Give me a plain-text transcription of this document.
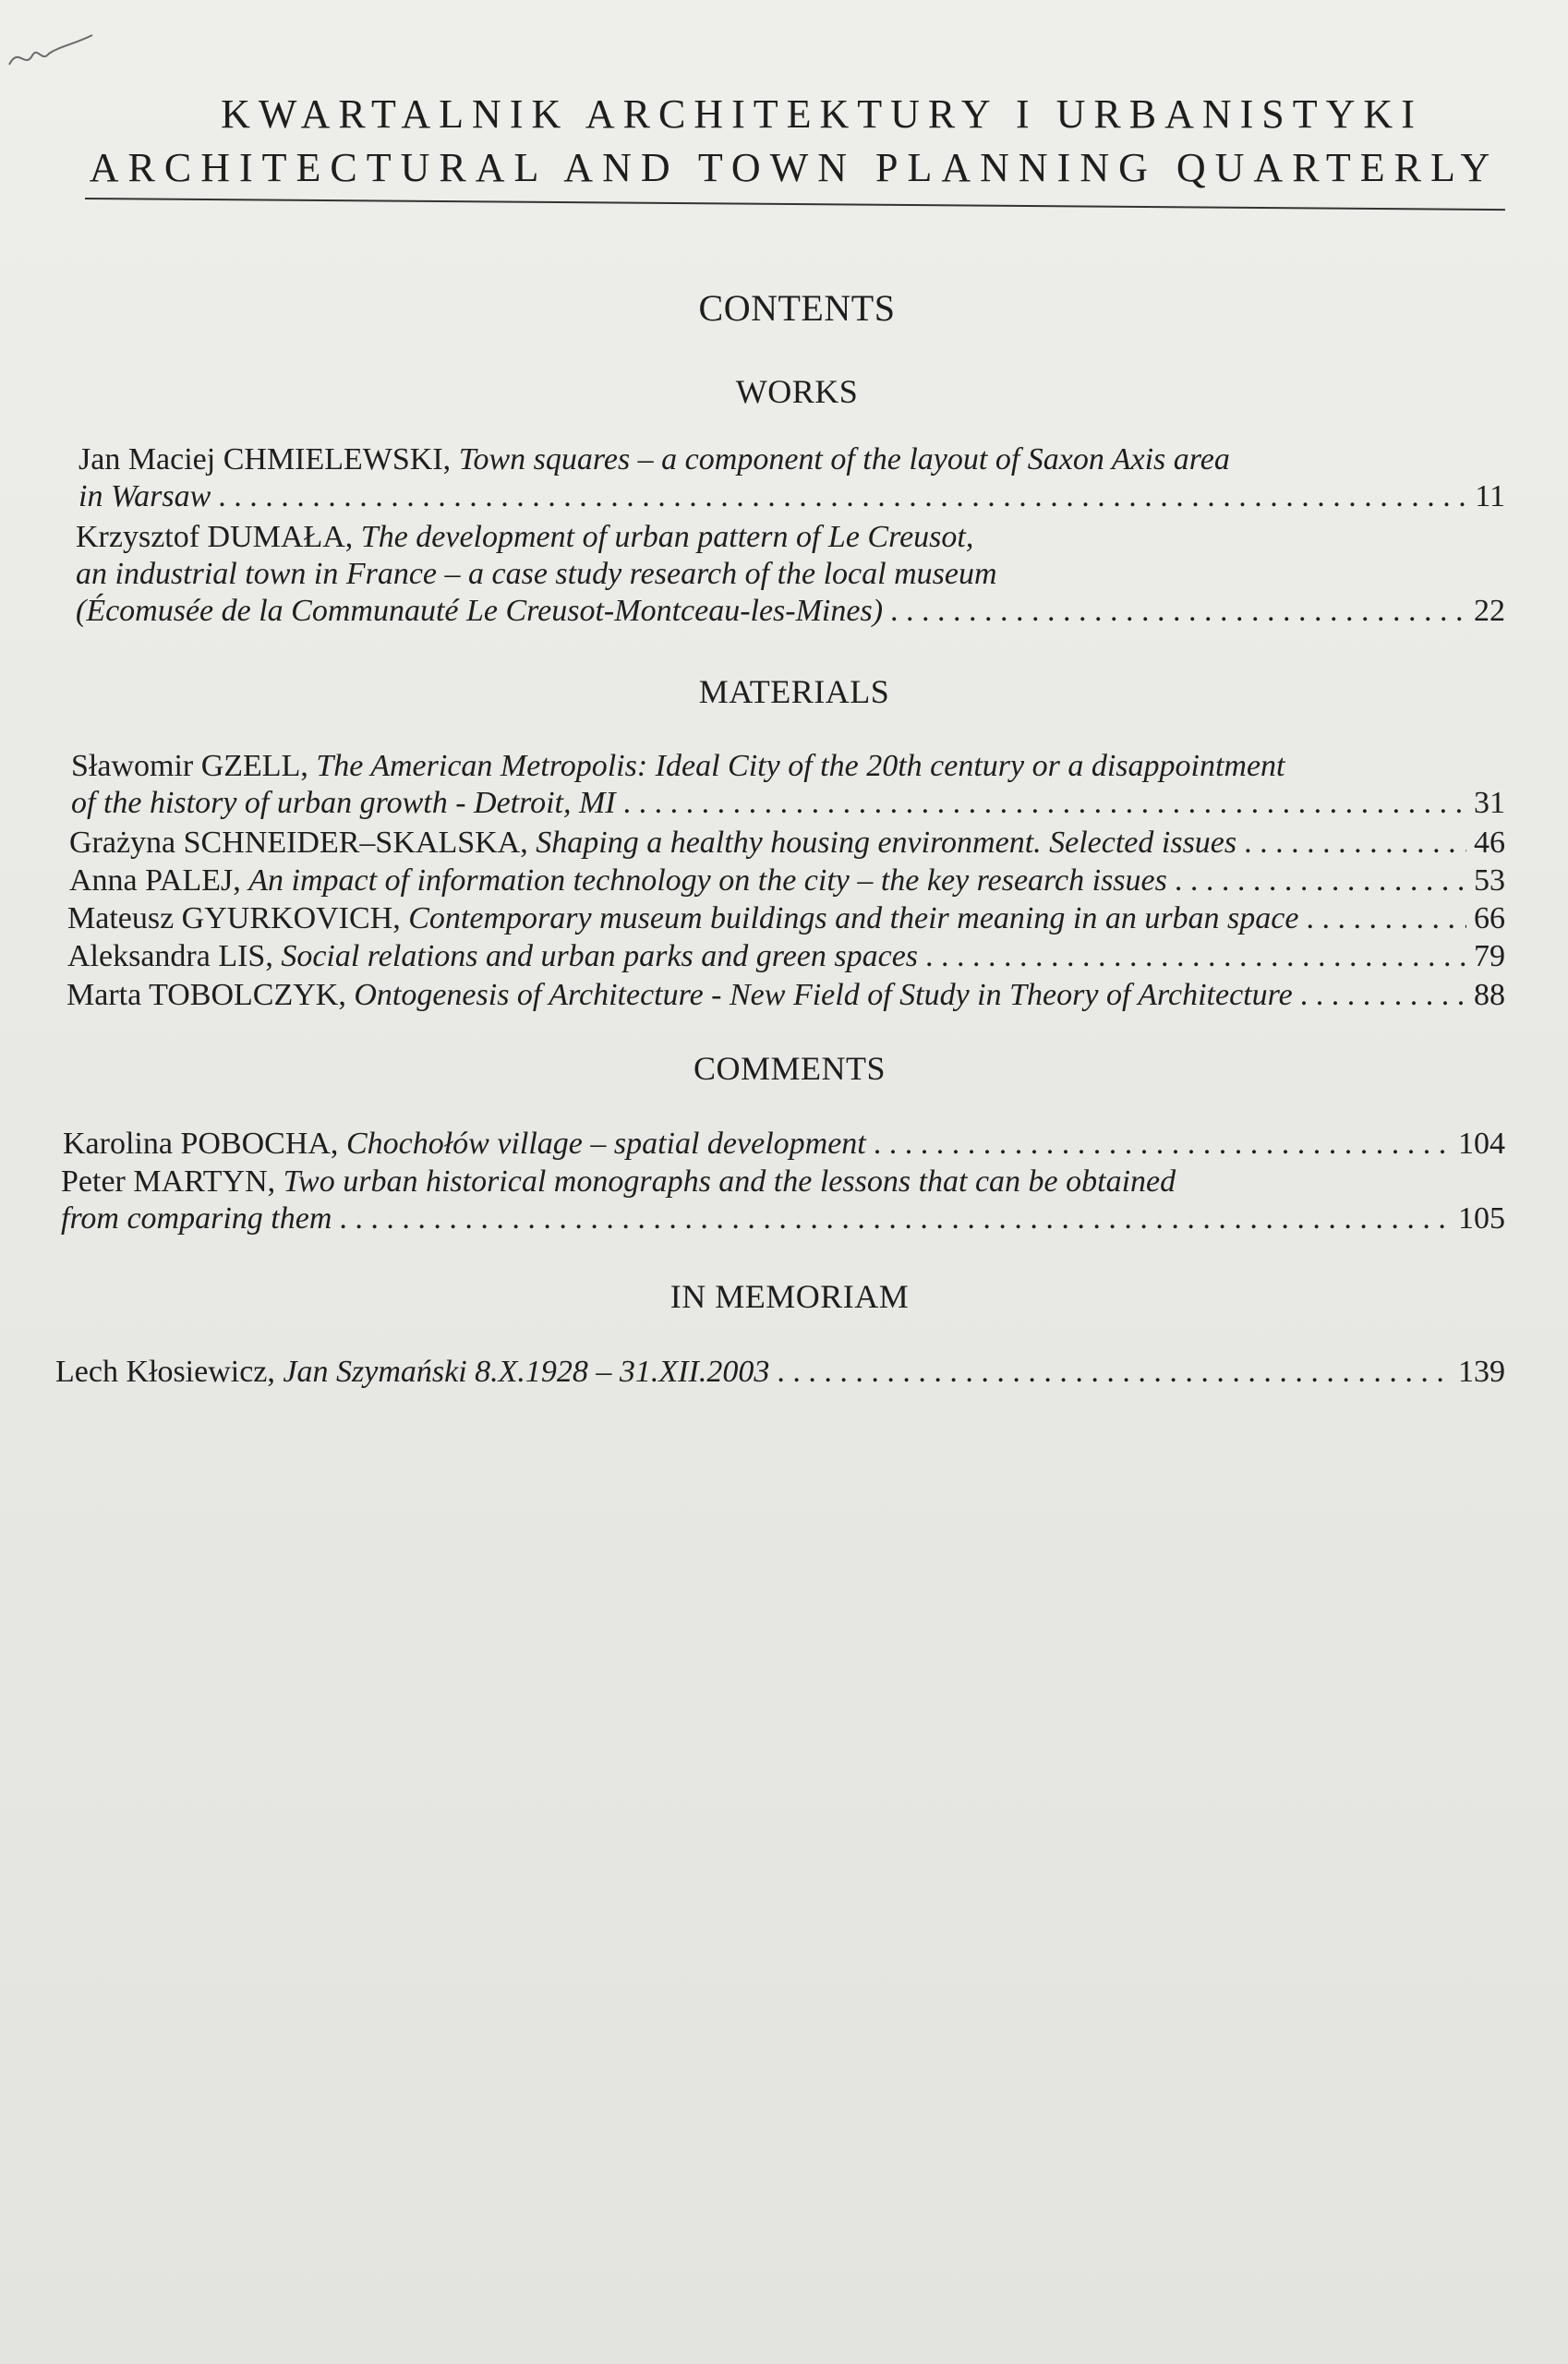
KWARTALNIK ARCHITEKTURY I URBANISTYKI
ARCHITECTURAL AND TOWN PLANNING QUARTERLY
CONTENTS
WORKS
Jan Maciej CHMIELEWSKI, Town squares – a component of the layout of Saxon Axis area
in Warsaw . . .	11
Krzysztof DUMAŁA, The development of urban pattern of Le Creusot,
an industrial town in France – a case study research of the local museum
(Écomusée de la Communauté Le Creusot-Montceau-les-Mines) . . .	22
MATERIALS
Sławomir GZELL, The American Metropolis: Ideal City of the 20th century or a disappointment
of the history of urban growth - Detroit, MI . . .	31
Grażyna SCHNEIDER–SKALSKA,
Shaping a healthy housing environment. Selected issues . . .	46
Anna PALEJ,
An impact of information technology on the city – the key research issues . . .	53
Mateusz GYURKOVICH,
Contemporary museum buildings and their meaning in an urban space . . .	66
Aleksandra LIS,
Social relations and urban parks and green spaces . . .	79
Marta TOBOLCZYK,
Ontogenesis of Architecture - New Field of Study in Theory of Architecture . . .	88
COMMENTS
Karolina POBOCHA,
Chochołów village – spatial development . . .	104
Peter MARTYN, Two urban historical monographs and the lessons that can be obtained
from comparing them . . .	105
IN MEMORIAM
Lech Kłosiewicz,
Jan Szymański 8.X.1928 – 31.XII.2003 . . .	139
